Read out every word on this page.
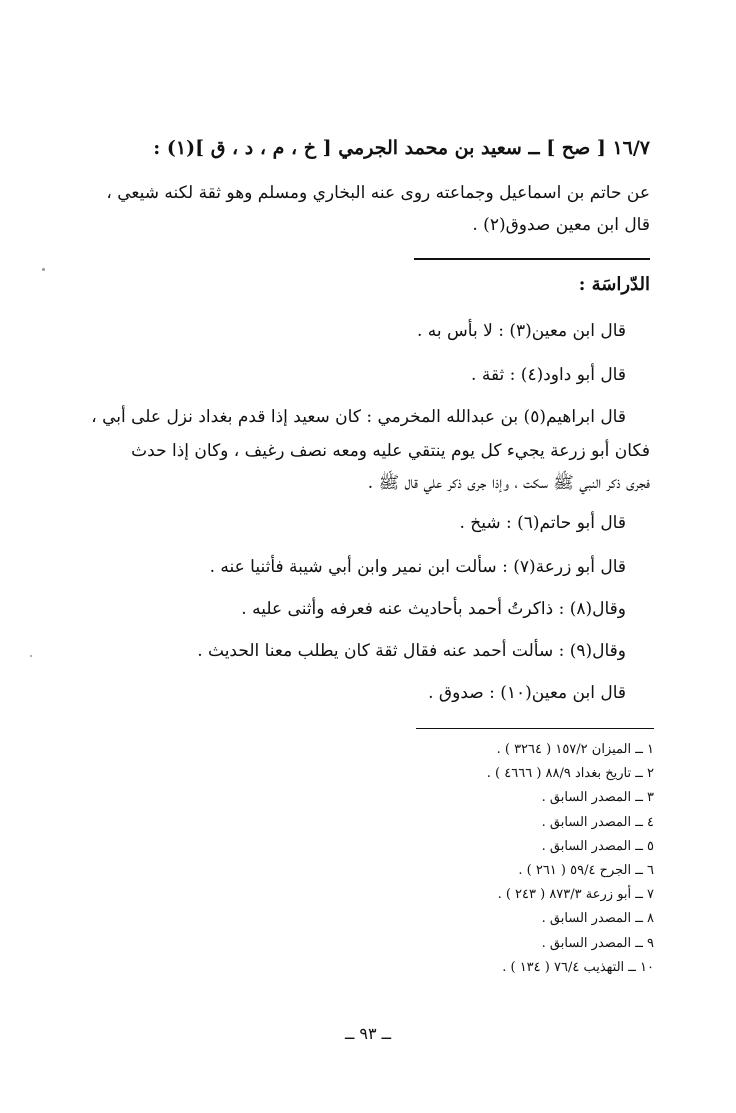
١٦/٧ [ صح ] ــ سعيد بن محمد الجرمي [ خ ، م ، د ، ق ](١) :
عن حاتم بن اسماعيل وجماعته روى عنه البخاري ومسلم وهو ثقة لكنه شيعي ،
قال ابن معين صدوق(٢) .
الدّراسَة :
قال ابن معين(٣) : لا بأس به .
قال أبو داود(٤) : ثقة .
قال ابراهيم(٥) بن عبدالله المخرمي : كان سعيد إذا قدم بغداد نزل على أبي ،
فكان أبو زرعة يجيء كل يوم ينتقي عليه ومعه نصف رغيف ، وكان إذا حدث
فجرى ذكر النبي ﷺ سكت ، وإذا جرى ذكر علي قال ﷺ .
قال أبو حاتم(٦) : شيخ .
قال أبو زرعة(٧) : سألت ابن نمير وابن أبي شيبة فأثنيا عنه .
وقال(٨) : ذاكرتُ أحمد بأحاديث عنه فعرفه وأثنى عليه .
وقال(٩) : سألت أحمد عنه فقال ثقة كان يطلب معنا الحديث .
قال ابن معين(١٠) : صدوق .
١ ــ الميزان ١٥٧/٢ ( ٣٢٦٤ ) .
٢ ــ تاريخ بغداد ٨٨/٩ ( ٤٦٦٦ ) .
٣ ــ المصدر السابق .
٤ ــ المصدر السابق .
٥ ــ المصدر السابق .
٦ ــ الجرح ٥٩/٤ ( ٢٦١ ) .
٧ ــ أبو زرعة ٨٧٣/٣ ( ٢٤٣ ) .
٨ ــ المصدر السابق .
٩ ــ المصدر السابق .
١٠ ــ التهذيب ٧٦/٤ ( ١٣٤ ) .
ــ ٩٣ ــ
